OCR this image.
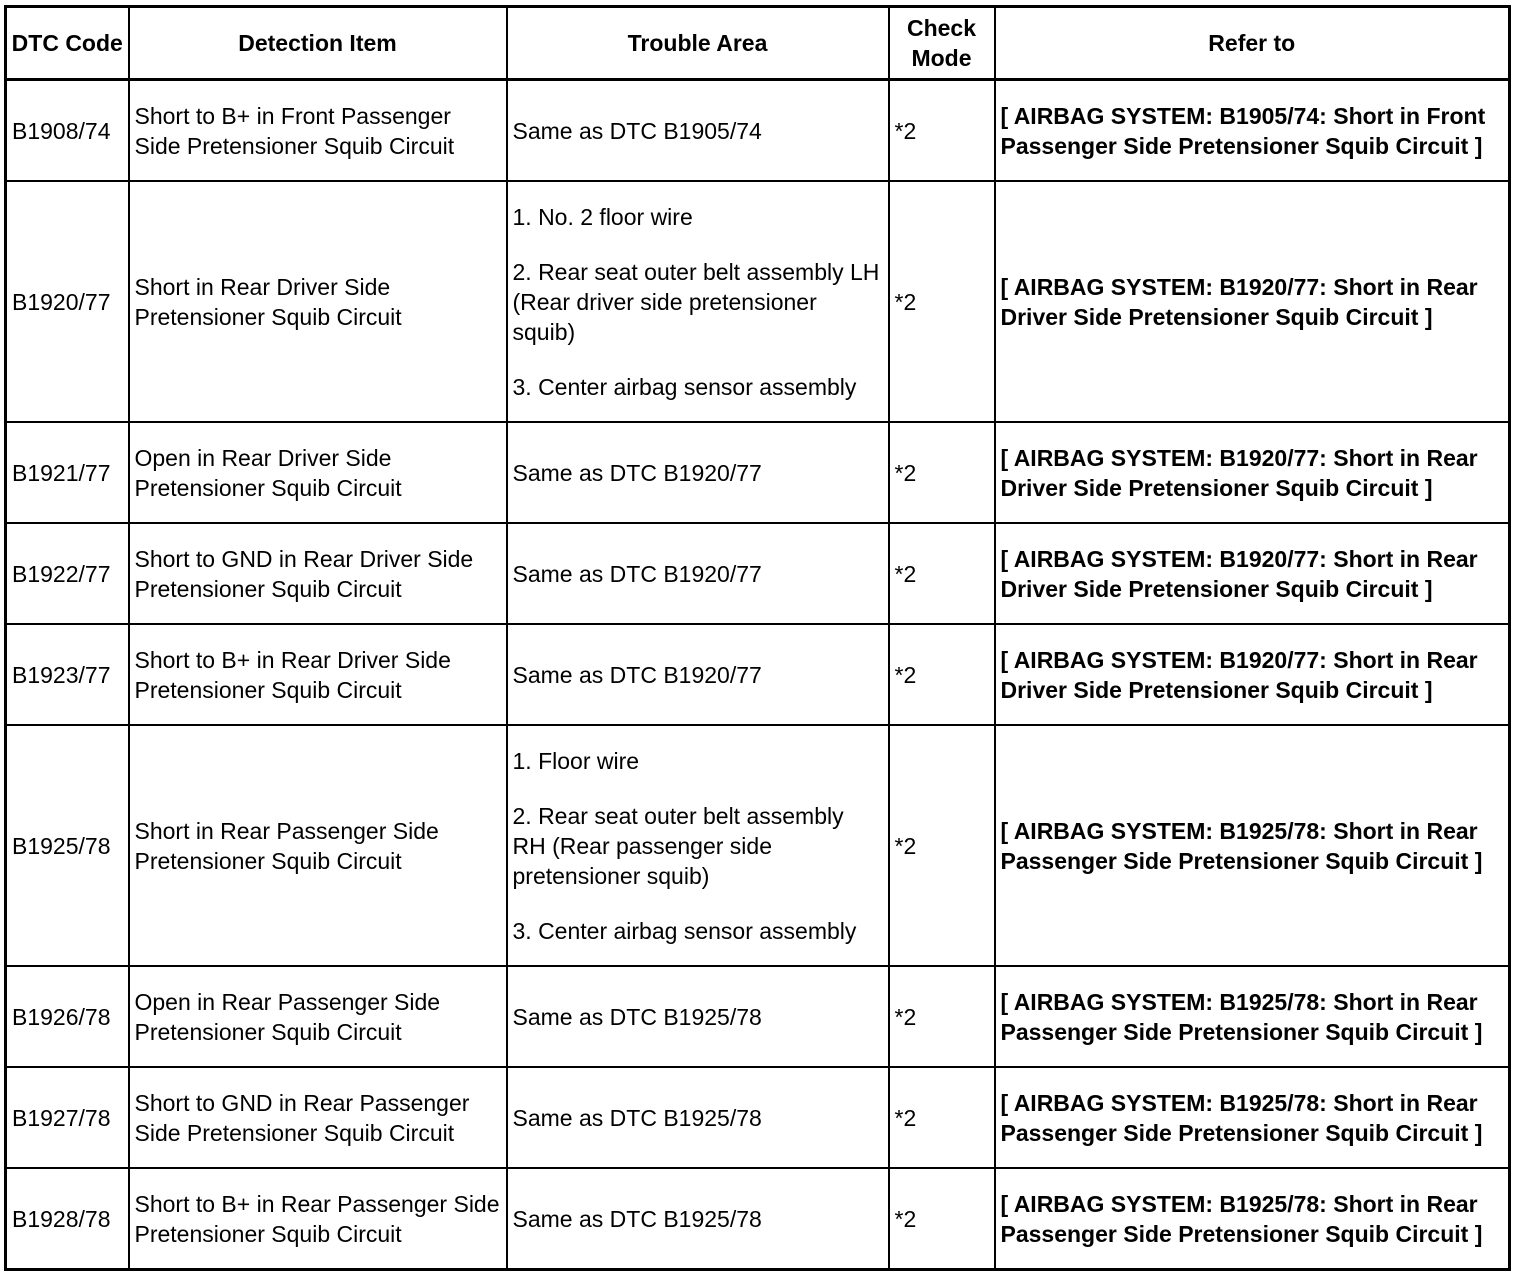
DTC Code	Detection Item	Trouble Area	Check Mode	Refer to
B1908/74	Short to B+ in Front Passenger Side Pretensioner Squib Circuit	Same as DTC B1905/74	*2	[ AIRBAG SYSTEM: B1905/74: Short in Front Passenger Side Pretensioner Squib Circuit ]
B1920/77	Short in Rear Driver Side Pretensioner Squib Circuit	1. No. 2 floor wire
2. Rear seat outer belt assembly LH (Rear driver side pretensioner squib)
3. Center airbag sensor assembly	*2	[ AIRBAG SYSTEM: B1920/77: Short in Rear Driver Side Pretensioner Squib Circuit ]
B1921/77	Open in Rear Driver Side Pretensioner Squib Circuit	Same as DTC B1920/77	*2	[ AIRBAG SYSTEM: B1920/77: Short in Rear Driver Side Pretensioner Squib Circuit ]
B1922/77	Short to GND in Rear Driver Side Pretensioner Squib Circuit	Same as DTC B1920/77	*2	[ AIRBAG SYSTEM: B1920/77: Short in Rear Driver Side Pretensioner Squib Circuit ]
B1923/77	Short to B+ in Rear Driver Side Pretensioner Squib Circuit	Same as DTC B1920/77	*2	[ AIRBAG SYSTEM: B1920/77: Short in Rear Driver Side Pretensioner Squib Circuit ]
B1925/78	Short in Rear Passenger Side Pretensioner Squib Circuit	1. Floor wire
2. Rear seat outer belt assembly RH (Rear passenger side pretensioner squib)
3. Center airbag sensor assembly	*2	[ AIRBAG SYSTEM: B1925/78: Short in Rear Passenger Side Pretensioner Squib Circuit ]
B1926/78	Open in Rear Passenger Side Pretensioner Squib Circuit	Same as DTC B1925/78	*2	[ AIRBAG SYSTEM: B1925/78: Short in Rear Passenger Side Pretensioner Squib Circuit ]
B1927/78	Short to GND in Rear Passenger Side Pretensioner Squib Circuit	Same as DTC B1925/78	*2	[ AIRBAG SYSTEM: B1925/78: Short in Rear Passenger Side Pretensioner Squib Circuit ]
B1928/78	Short to B+ in Rear Passenger Side Pretensioner Squib Circuit	Same as DTC B1925/78	*2	[ AIRBAG SYSTEM: B1925/78: Short in Rear Passenger Side Pretensioner Squib Circuit ]
